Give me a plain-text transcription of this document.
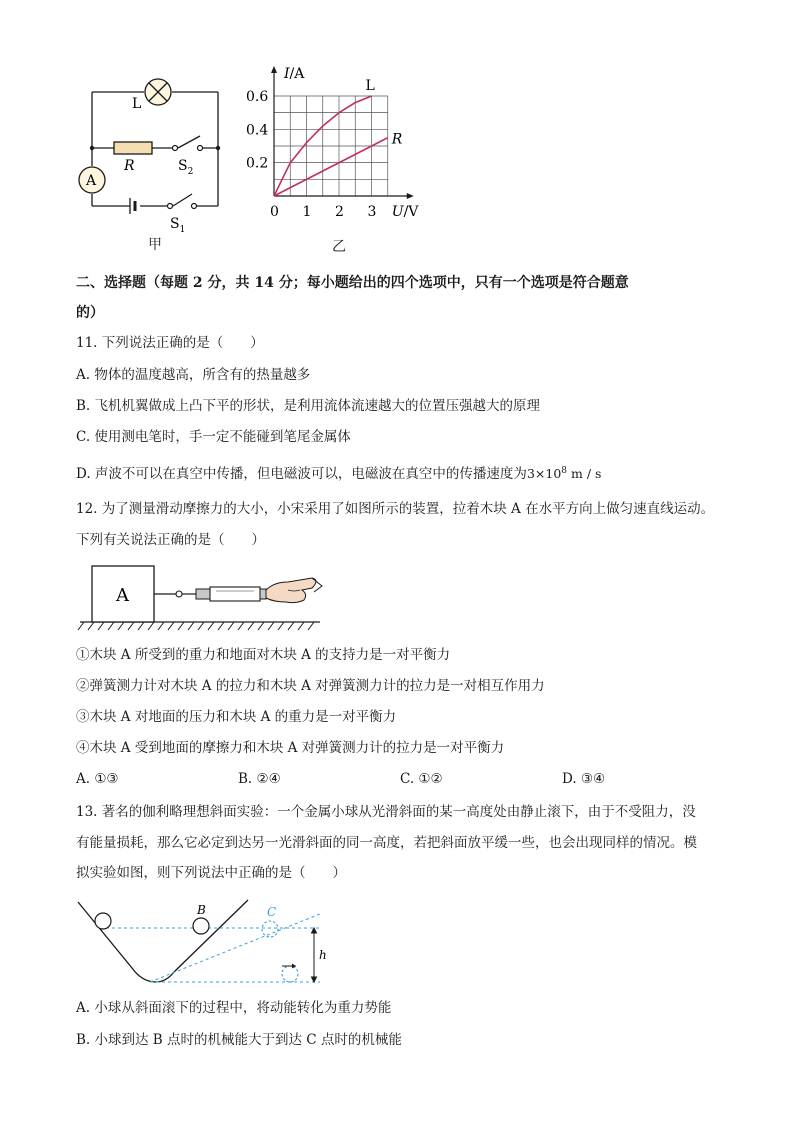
L
R	$S_2$
A
$S_1$
甲
0 1 2 3
0.2
0.4
0.6
I/A
U/V
L
R
乙
二、选择题（每题 2 分，共 14 分；每小题给出的四个选项中，只有一个选项是符合题意
的）
11. 下列说法正确的是（　　）
A. 物体的温度越高，所含有的热量越多
B. 飞机机翼做成上凸下平的形状，是利用流体流速越大的位置压强越大的原理
C. 使用测电笔时，手一定不能碰到笔尾金属体
D. 声波不可以在真空中传播，但电磁波可以，电磁波在真空中的传播速度为$3\times 10^8$ m / s
12. 为了测量滑动摩擦力的大小，小宋采用了如图所示的装置，拉着木块 A 在水平方向上做匀速直线运动。
下列有关说法正确的是（　　）
A
①木块 A 所受到的重力和地面对木块 A 的支持力是一对平衡力
②弹簧测力计对木块 A 的拉力和木块 A 对弹簧测力计的拉力是一对相互作用力
③木块 A 对地面的压力和木块 A 的重力是一对平衡力
④木块 A 受到地面的摩擦力和木块 A 对弹簧测力计的拉力是一对平衡力
A. ①③	B. ②④	C. ①②	D. ③④
13. 著名的伽利略理想斜面实验：一个金属小球从光滑斜面的某一高度处由静止滚下，由于不受阻力，没
有能量损耗，那么它必定到达另一光滑斜面的同一高度，若把斜面放平缓一些，也会出现同样的情况。模
拟实验如图，则下列说法中正确的是（　　）
B	C
h
A. 小球从斜面滚下的过程中，将动能转化为重力势能
B. 小球到达 B 点时的机械能大于到达 C 点时的机械能
